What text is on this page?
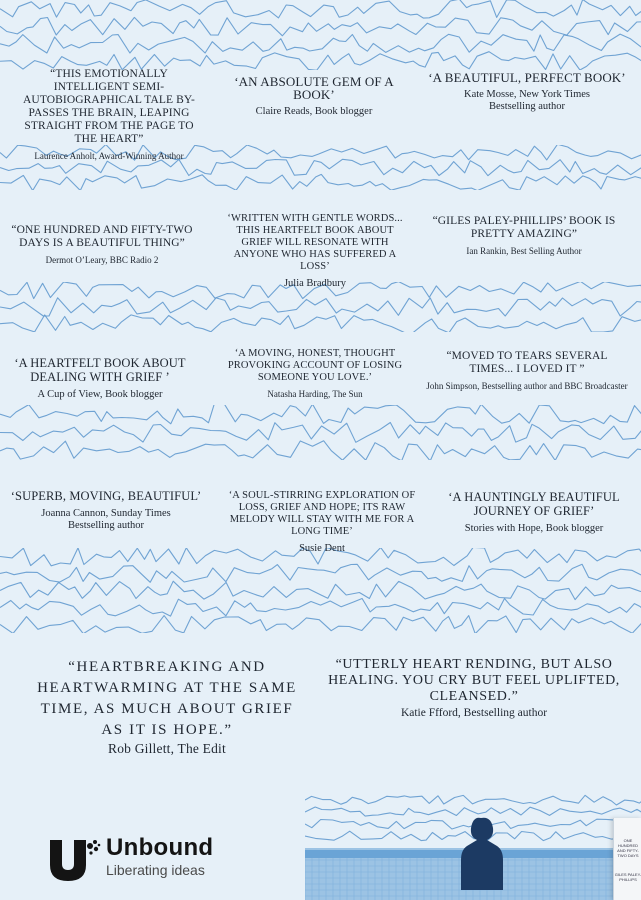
“THIS EMOTIONALLY INTELLIGENT SEMI-AUTOBIOGRAPHICAL TALE BY-PASSES THE BRAIN, LEAPING STRAIGHT FROM THE PAGE TO THE HEART”
Laurence Anholt, Award-Winning Author
‘AN ABSOLUTE GEM OF A BOOK’
Claire Reads, Book blogger
‘A BEAUTIFUL, PERFECT BOOK’
Kate Mosse, New York Times Bestselling author
“ONE HUNDRED AND FIFTY-TWO DAYS IS A BEAUTIFUL THING”
Dermot O’Leary, BBC Radio 2
‘WRITTEN WITH GENTLE WORDS... THIS HEARTFELT BOOK ABOUT GRIEF WILL RESONATE WITH ANYONE WHO HAS SUFFERED A LOSS’
Julia Bradbury
“GILES PALEY-PHILLIPS’ BOOK IS PRETTY AMAZING”
Ian Rankin, Best Selling Author
‘A HEARTFELT BOOK ABOUT DEALING WITH GRIEF ’
A Cup of View, Book blogger
‘A MOVING, HONEST, THOUGHT PROVOKING ACCOUNT OF LOSING SOMEONE YOU LOVE.’
Natasha Harding, The Sun
“MOVED TO TEARS SEVERAL TIMES... I LOVED IT ”
John Simpson, Bestselling author and BBC Broadcaster
‘SUPERB, MOVING, BEAUTIFUL’
Joanna Cannon, Sunday Times Bestselling author
‘A SOUL-STIRRING EXPLORATION OF LOSS, GRIEF AND HOPE; ITS RAW MELODY WILL STAY WITH ME FOR A LONG TIME’
Susie Dent
‘A HAUNTINGLY BEAUTIFUL JOURNEY OF GRIEF’
Stories with Hope, Book blogger
“HEARTBREAKING AND HEARTWARMING AT THE SAME TIME, AS MUCH ABOUT GRIEF AS IT IS HOPE.”
Rob Gillett, The Edit
“UTTERLY HEART RENDING, BUT ALSO HEALING. YOU CRY BUT FEEL UPLIFTED, CLEANSED.”
Katie Ffford, Bestselling author
Unbound
Liberating ideas
ONE HUNDRED AND FIFTY-TWO DAYS
GILES PALEY-PHILLIPS
